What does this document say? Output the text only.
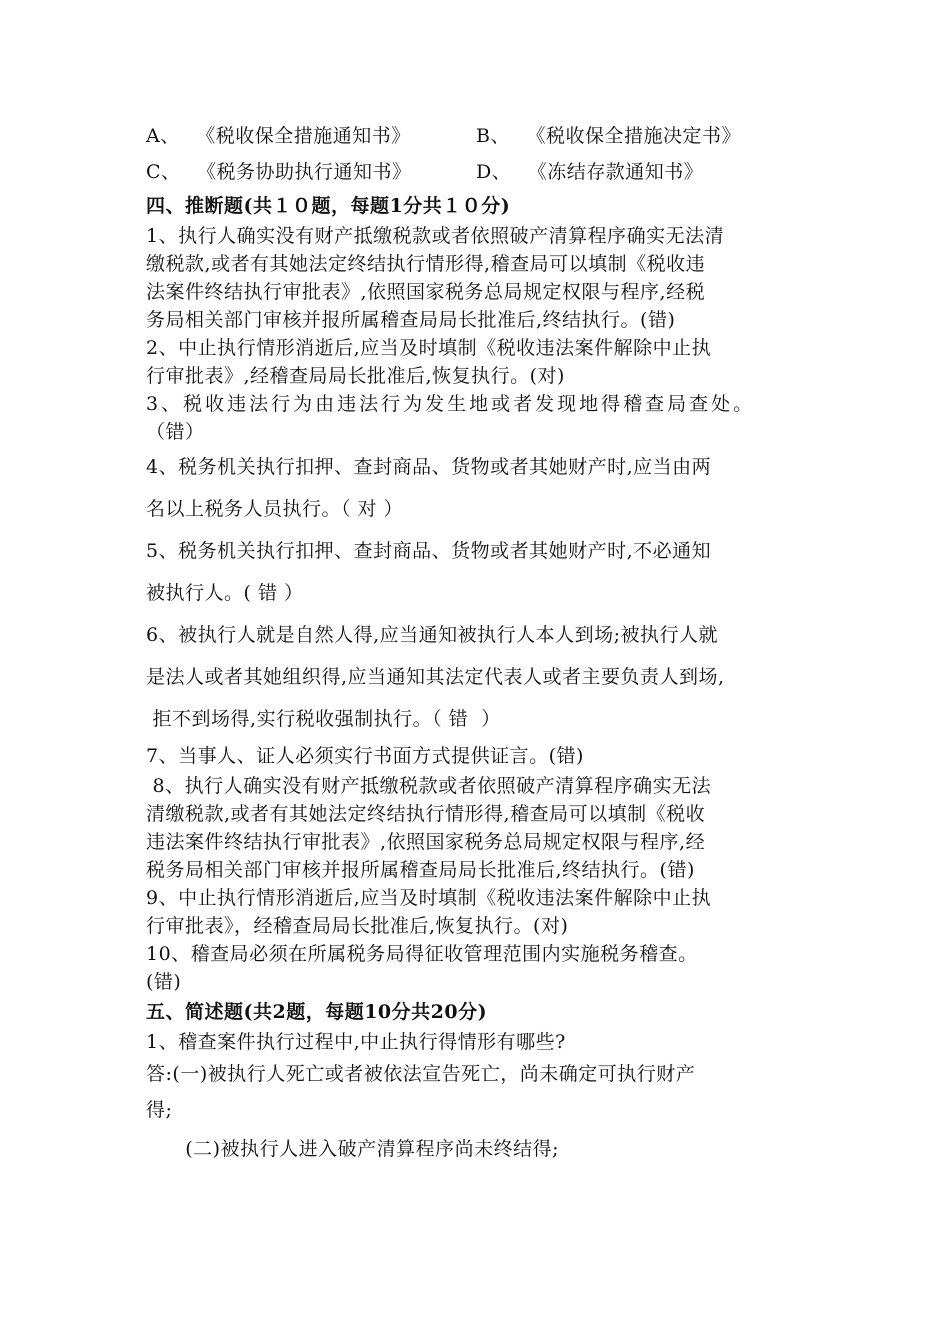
A、 《税收保全措施通知书》	B、 《税收保全措施决定书》
C、 《税务协助执行通知书》	D、 《冻结存款通知书》
四、推断题(共１０题，每题1分共１０分)
1、执行人确实没有财产抵缴税款或者依照破产清算程序确实无法清
缴税款,或者有其她法定终结执行情形得,稽查局可以填制《税收违
法案件终结执行审批表》,依照国家税务总局规定权限与程序,经税
务局相关部门审核并报所属稽查局局长批准后,终结执行。(错)
2、中止执行情形消逝后,应当及时填制《税收违法案件解除中止执
行审批表》,经稽查局局长批准后,恢复执行。(对)
3、税收违法行为由违法行为发生地或者发现地得稽查局查处。
（错）
4、税务机关执行扣押、查封商品、货物或者其她财产时,应当由两
名以上税务人员执行。（ 对 ）
5、税务机关执行扣押、查封商品、货物或者其她财产时,不必通知
被执行人。( 错 ）
6、被执行人就是自然人得,应当通知被执行人本人到场;被执行人就
是法人或者其她组织得,应当通知其法定代表人或者主要负责人到场,
拒不到场得,实行税收强制执行。（ 错  ）
7、当事人、证人必须实行书面方式提供证言。(错)
8、执行人确实没有财产抵缴税款或者依照破产清算程序确实无法
清缴税款,或者有其她法定终结执行情形得,稽查局可以填制《税收
违法案件终结执行审批表》,依照国家税务总局规定权限与程序,经
税务局相关部门审核并报所属稽查局局长批准后,终结执行。(错)
9、中止执行情形消逝后,应当及时填制《税收违法案件解除中止执
行审批表》，经稽查局局长批准后,恢复执行。(对)
10、稽查局必须在所属税务局得征收管理范围内实施税务稽查。
(错)
五、简述题(共2题，每题10分共20分)
1、稽查案件执行过程中,中止执行得情形有哪些?
答:(一)被执行人死亡或者被依法宣告死亡，尚未确定可执行财产
得;
(二)被执行人进入破产清算程序尚未终结得;
